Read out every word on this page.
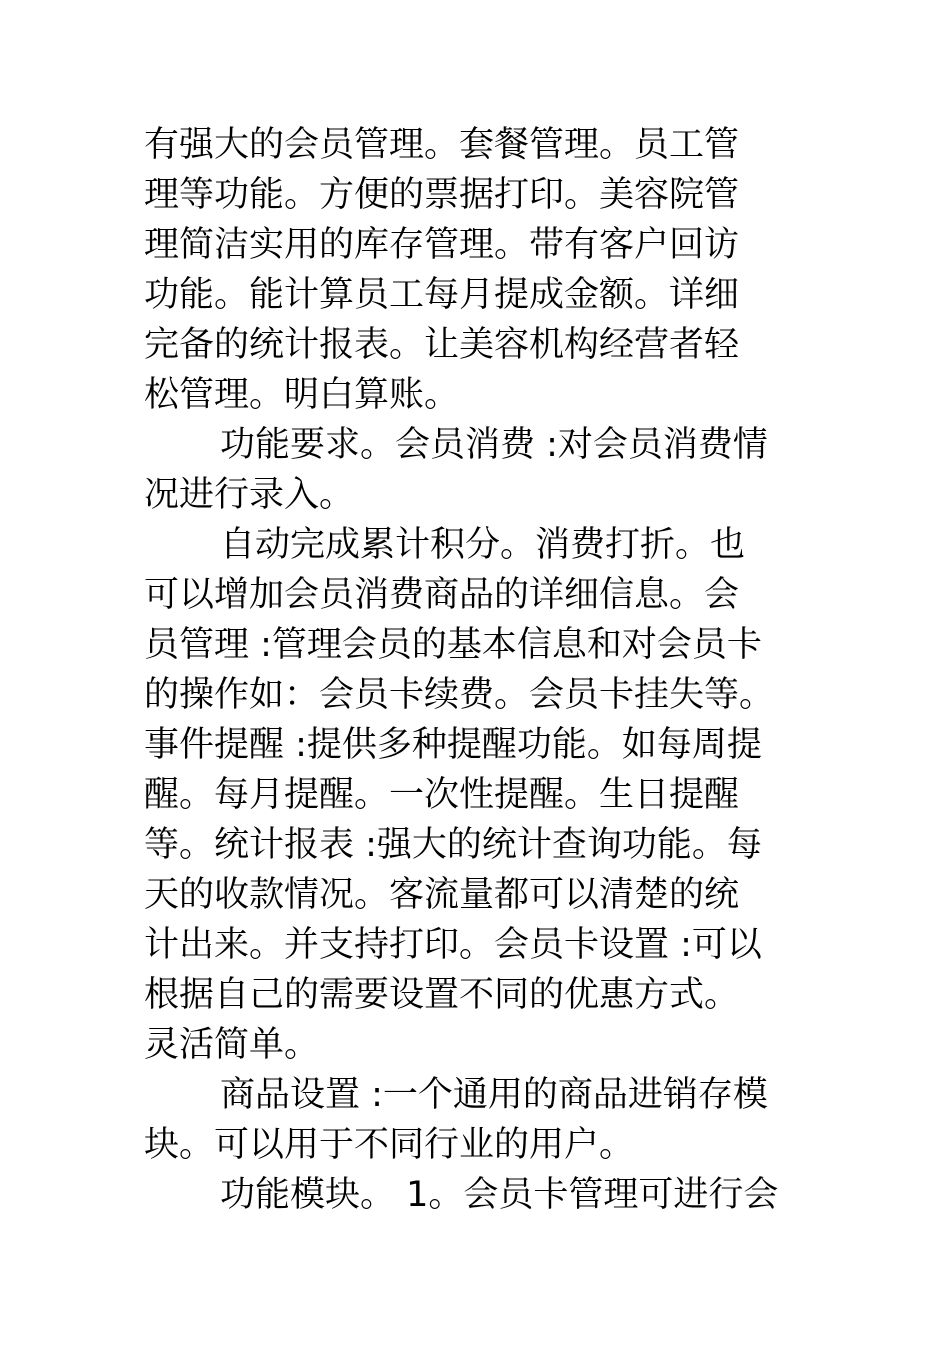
有强大的会员管理。套餐管理。员工管
理等功能。方便的票据打印。美容院管
理简洁实用的库存管理。带有客户回访
功能。能计算员工每月提成金额。详细
完备的统计报表。让美容机构经营者轻
松管理。明白算账。
功能要求。会员消费 :对会员消费情
况进行录入。
自动完成累计积分。消费打折。也
可以增加会员消费商品的详细信息。会
员管理 :管理会员的基本信息和对会员卡
的操作如：会员卡续费。会员卡挂失等。
事件提醒 :提供多种提醒功能。如每周提
醒。每月提醒。一次性提醒。生日提醒
等。统计报表 :强大的统计查询功能。每
天的收款情况。客流量都可以清楚的统
计出来。并支持打印。会员卡设置 :可以
根据自己的需要设置不同的优惠方式。
灵活简单。
商品设置 :一个通用的商品进销存模
块。可以用于不同行业的用户。
功能模块。 1。会员卡管理可进行会
